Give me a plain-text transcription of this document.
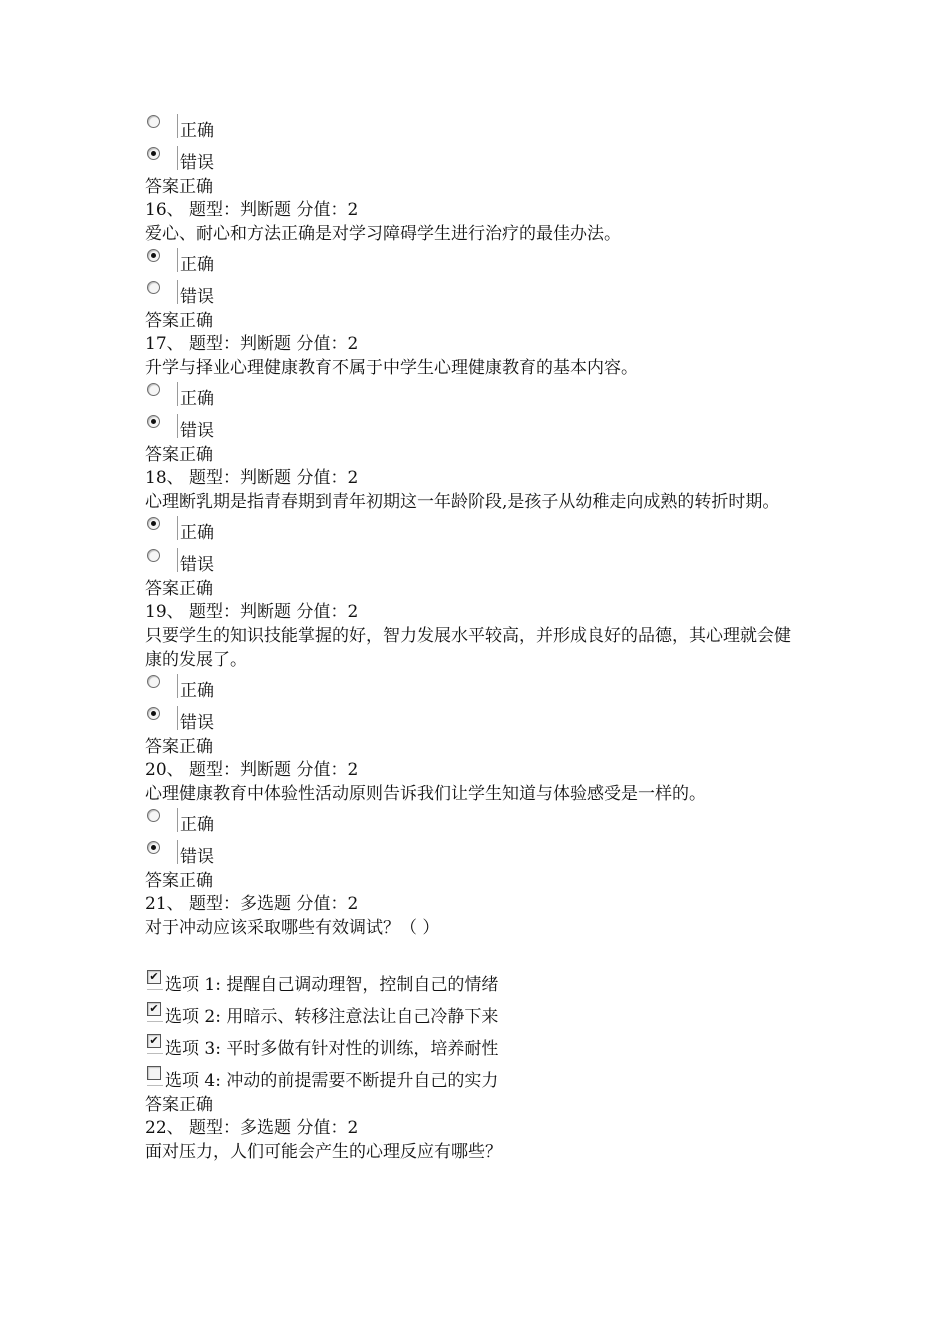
正确
错误
答案正确
16、 题型：判断题 分值：2
爱心、耐心和方法正确是对学习障碍学生进行治疗的最佳办法。
正确
错误
答案正确
17、 题型：判断题 分值：2
升学与择业心理健康教育不属于中学生心理健康教育的基本内容。
正确
错误
答案正确
18、 题型：判断题 分值：2
心理断乳期是指青春期到青年初期这一年龄阶段,是孩子从幼稚走向成熟的转折时期。
正确
错误
答案正确
19、 题型：判断题 分值：2
只要学生的知识技能掌握的好，智力发展水平较高，并形成良好的品德，其心理就会健康的发展了。
正确
错误
答案正确
20、 题型：判断题 分值：2
心理健康教育中体验性活动原则告诉我们让学生知道与体验感受是一样的。
正确
错误
答案正确
21、 题型：多选题 分值：2
对于冲动应该采取哪些有效调试？（ ）
✔ 选项 1: 提醒自己调动理智，控制自己的情绪
✔ 选项 2: 用暗示、转移注意法让自己冷静下来
✔ 选项 3: 平时多做有针对性的训练，培养耐性
选项 4: 冲动的前提需要不断提升自己的实力
答案正确
22、 题型：多选题 分值：2
面对压力，人们可能会产生的心理反应有哪些？
